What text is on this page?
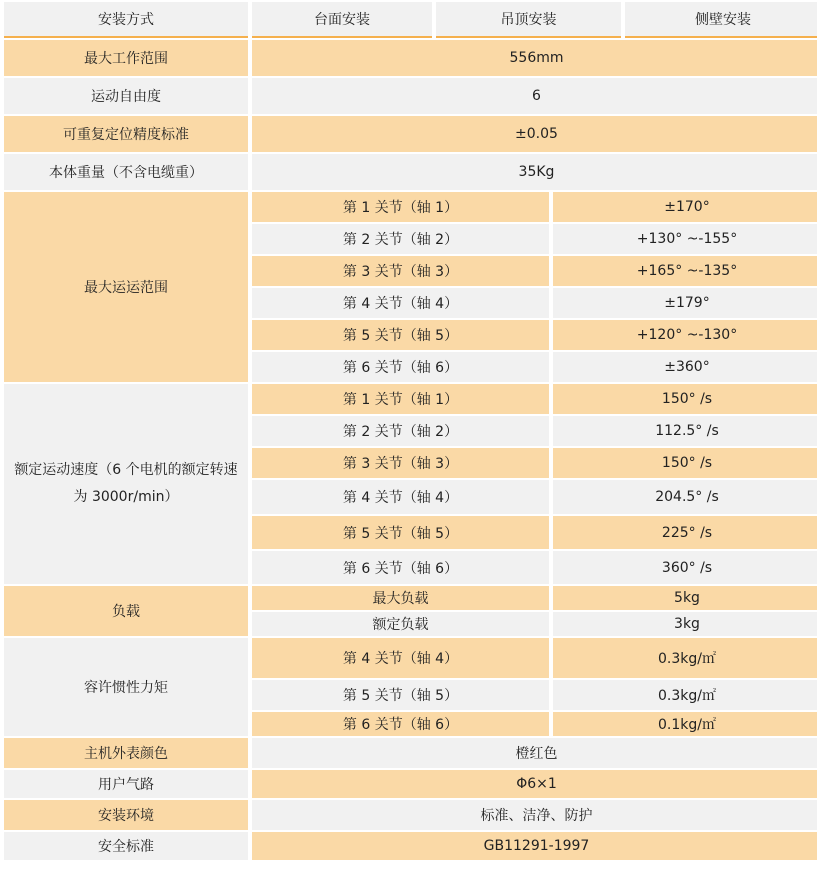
安装方式	台面安装	吊顶安装		侧壁安装
最大工作范围	556mm			
运动自由度	6			
可重复定位精度标准	±0.05			
本体重量（不含电缆重）	35Kg			
最大运运范围	第 1 关节（轴 1）		±170°	
	第 2 关节（轴 2）		+130° ~-155°	
	第 3 关节（轴 3）		+165° ~-135°	
	第 4 关节（轴 4）		±179°	
	第 5 关节（轴 5）		+120° ~-130°	
	第 6 关节（轴 6）		±360°	
额定运动速度（6 个电机的额定转速为 3000r/min）	第 1 关节（轴 1）		150° /s	
	第 2 关节（轴 2）		112.5° /s	
	第 3 关节（轴 3）		150° /s	
	第 4 关节（轴 4）		204.5° /s	
	第 5 关节（轴 5）		225° /s	
	第 6 关节（轴 6）		360° /s	
负载	最大负载		5kg	
	额定负载		3kg	
容许惯性力矩	第 4 关节（轴 4）		0.3kg/㎡	
	第 5 关节（轴 5）		0.3kg/㎡	
	第 6 关节（轴 6）		0.1kg/㎡	
主机外表颜色	橙红色			
用户气路	Φ6×1			
安装环境	标准、洁净、防护			
安全标准	GB11291-1997			
